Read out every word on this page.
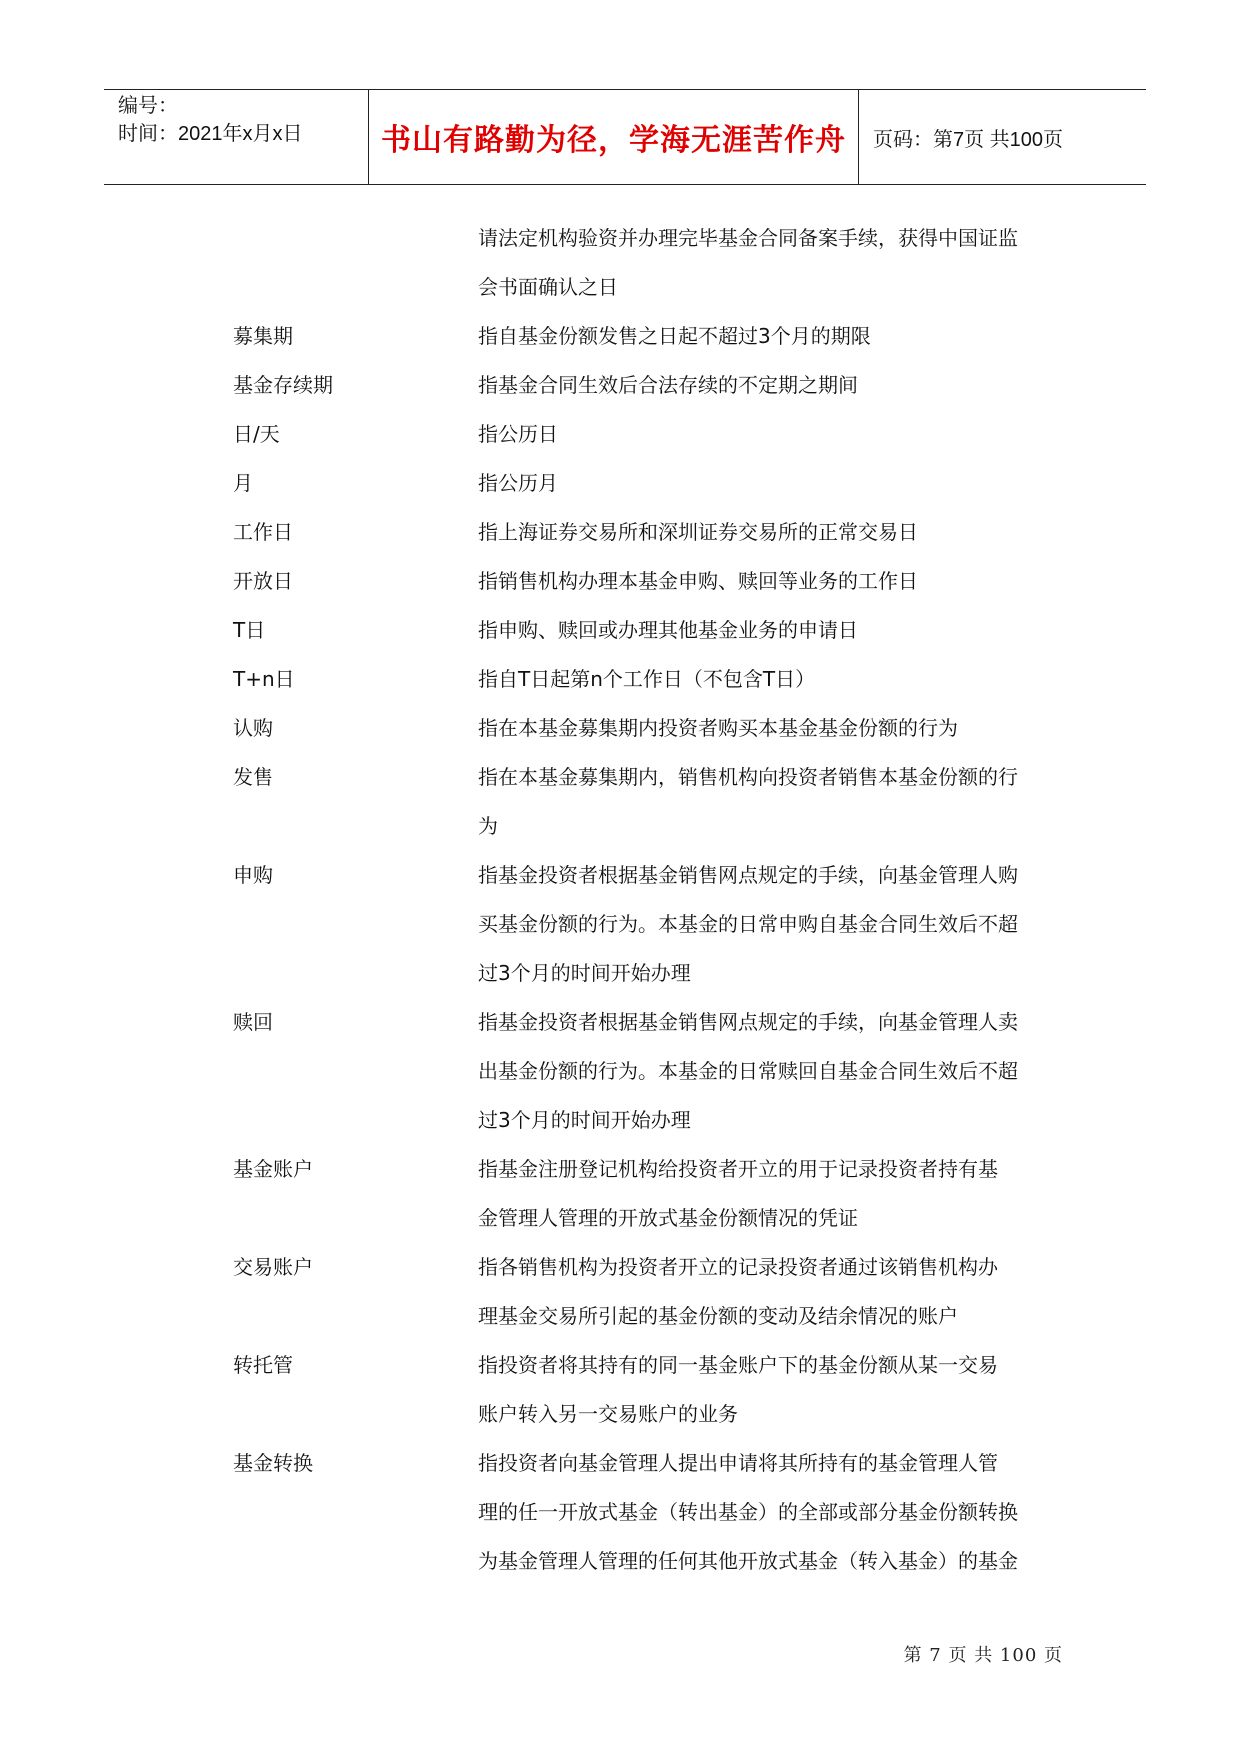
编号：
时间：2021年x月x日	书山有路勤为径，学海无涯苦作舟	页码：第7页 共100页
请法定机构验资并办理完毕基金合同备案手续，获得中国证监
会书面确认之日
募集期	指自基金份额发售之日起不超过3个月的期限
基金存续期	指基金合同生效后合法存续的不定期之期间
日/天	指公历日
月	指公历月
工作日	指上海证券交易所和深圳证券交易所的正常交易日
开放日	指销售机构办理本基金申购、赎回等业务的工作日
T日	指申购、赎回或办理其他基金业务的申请日
T+n日	指自T日起第n个工作日（不包含T日）
认购	指在本基金募集期内投资者购买本基金基金份额的行为
发售	指在本基金募集期内，销售机构向投资者销售本基金份额的行
为
申购	指基金投资者根据基金销售网点规定的手续，向基金管理人购
买基金份额的行为。本基金的日常申购自基金合同生效后不超
过3个月的时间开始办理
赎回	指基金投资者根据基金销售网点规定的手续，向基金管理人卖
出基金份额的行为。本基金的日常赎回自基金合同生效后不超
过3个月的时间开始办理
基金账户	指基金注册登记机构给投资者开立的用于记录投资者持有基
金管理人管理的开放式基金份额情况的凭证
交易账户	指各销售机构为投资者开立的记录投资者通过该销售机构办
理基金交易所引起的基金份额的变动及结余情况的账户
转托管	指投资者将其持有的同一基金账户下的基金份额从某一交易
账户转入另一交易账户的业务
基金转换	指投资者向基金管理人提出申请将其所持有的基金管理人管
理的任一开放式基金（转出基金）的全部或部分基金份额转换
为基金管理人管理的任何其他开放式基金（转入基金）的基金
第 7 页 共 100 页
